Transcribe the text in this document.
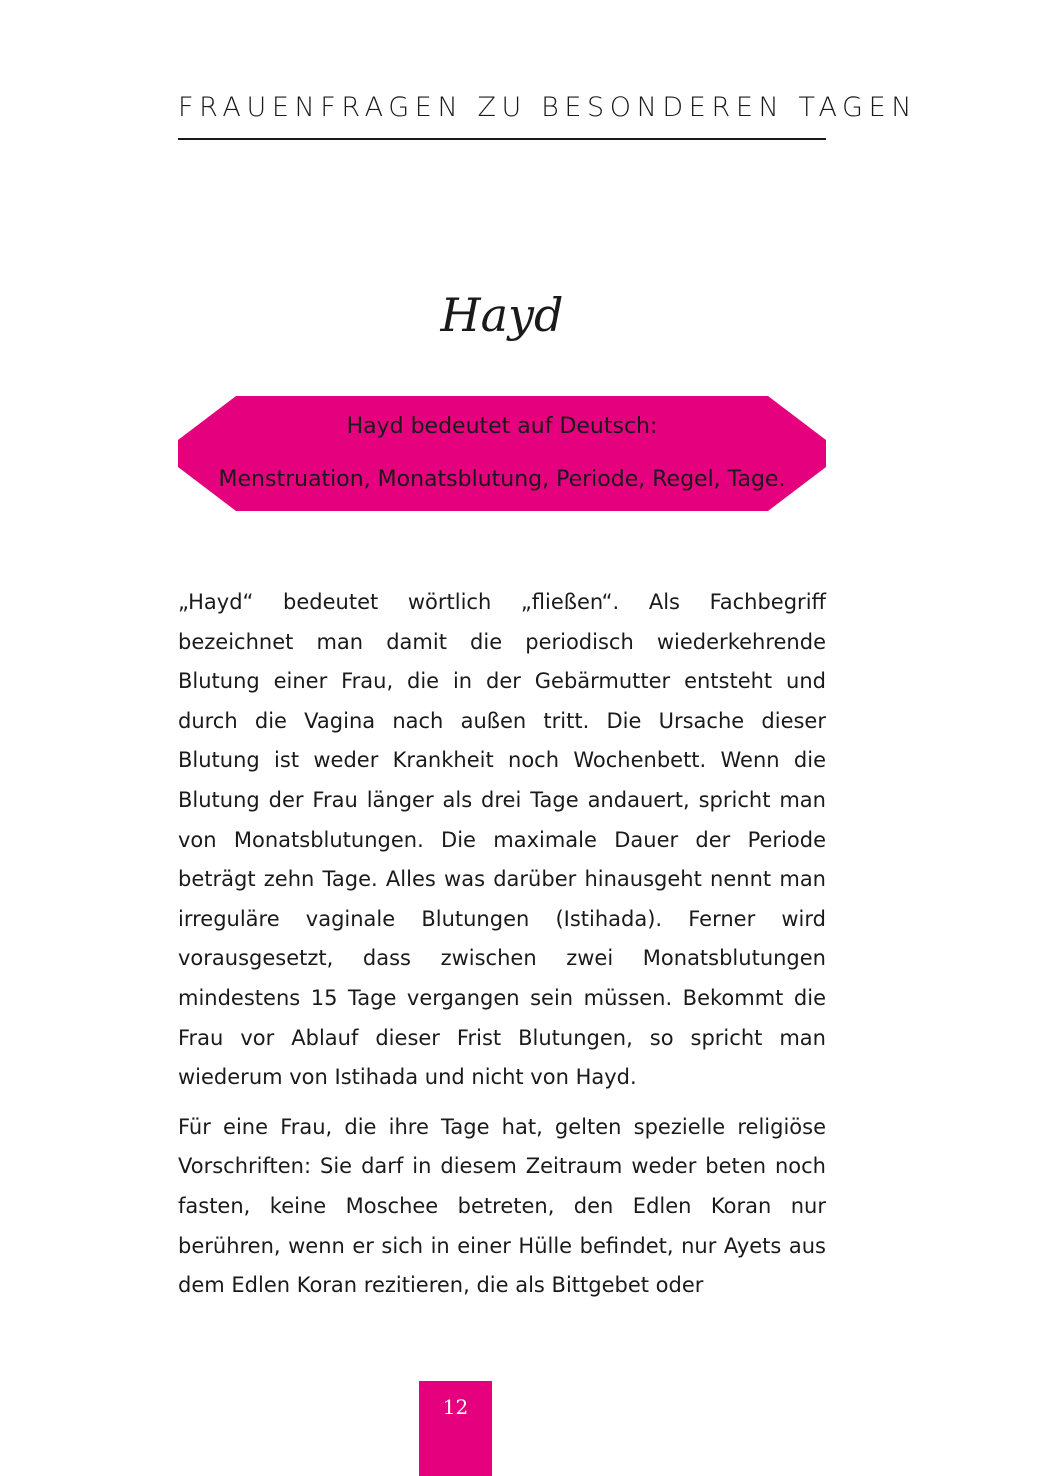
FRAUENFRAGEN ZU BESONDEREN TAGEN
Hayd
Hayd bedeutet auf Deutsch:
Menstruation, Monatsblutung, Periode, Regel, Tage.

„Hayd“ bedeutet wörtlich „fließen“. Als Fachbegriff bezeichnet man damit die periodisch wiederkehrende Blutung einer Frau, die in der Gebärmutter entsteht und durch die Vagina nach außen tritt. Die Ursache dieser Blutung ist weder Krankheit noch Wochenbett. Wenn die Blutung der Frau länger als drei Tage andauert, spricht man von Monatsblutungen. Die maximale Dauer der Periode beträgt zehn Tage. Alles was darüber hinausgeht nennt man irreguläre vaginale Blutungen (Istihada). Ferner wird vorausgesetzt, dass zwischen zwei Monatsblutungen mindestens 15 Tage vergangen sein müssen. Bekommt die Frau vor Ablauf dieser Frist Blutungen, so spricht man wiederum von Istihada und nicht von Hayd.

Für eine Frau, die ihre Tage hat, gelten spezielle religiöse Vorschriften: Sie darf in diesem Zeitraum weder beten noch fasten, keine Moschee betreten, den Edlen Koran nur berühren, wenn er sich in einer Hülle befindet, nur Ayets aus dem Edlen Koran rezitieren, die als Bittgebet oder

12
